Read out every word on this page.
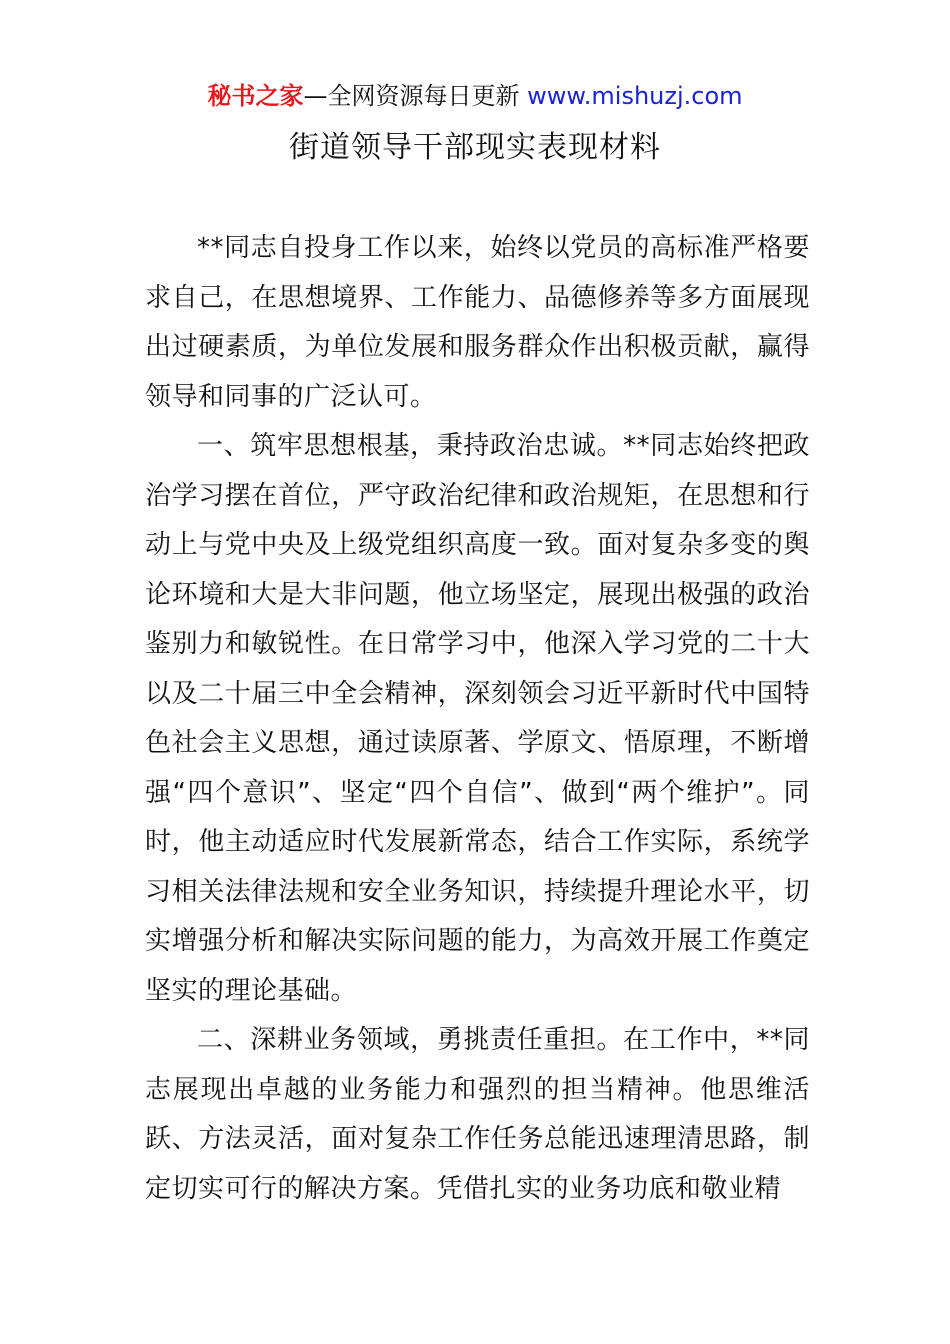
秘书之家—全网资源每日更新 www.mishuzj.com
街道领导干部现实表现材料

**同志自投身工作以来，始终以党员的高标准严格要求自己，在思想境界、工作能力、品德修养等多方面展现出过硬素质，为单位发展和服务群众作出积极贡献，赢得领导和同事的广泛认可。

一、筑牢思想根基，秉持政治忠诚。**同志始终把政治学习摆在首位，严守政治纪律和政治规矩，在思想和行动上与党中央及上级党组织高度一致。面对复杂多变的舆论环境和大是大非问题，他立场坚定，展现出极强的政治鉴别力和敏锐性。在日常学习中，他深入学习党的二十大以及二十届三中全会精神，深刻领会习近平新时代中国特色社会主义思想，通过读原著、学原文、悟原理，不断增强“四个意识”、坚定“四个自信”、做到“两个维护”。同时，他主动适应时代发展新常态，结合工作实际，系统学习相关法律法规和安全业务知识，持续提升理论水平，切实增强分析和解决实际问题的能力，为高效开展工作奠定坚实的理论基础。

二、深耕业务领域，勇挑责任重担。在工作中，**同志展现出卓越的业务能力和强烈的担当精神。他思维活跃、方法灵活，面对复杂工作任务总能迅速理清思路，制定切实可行的解决方案。凭借扎实的业务功底和敬业精
